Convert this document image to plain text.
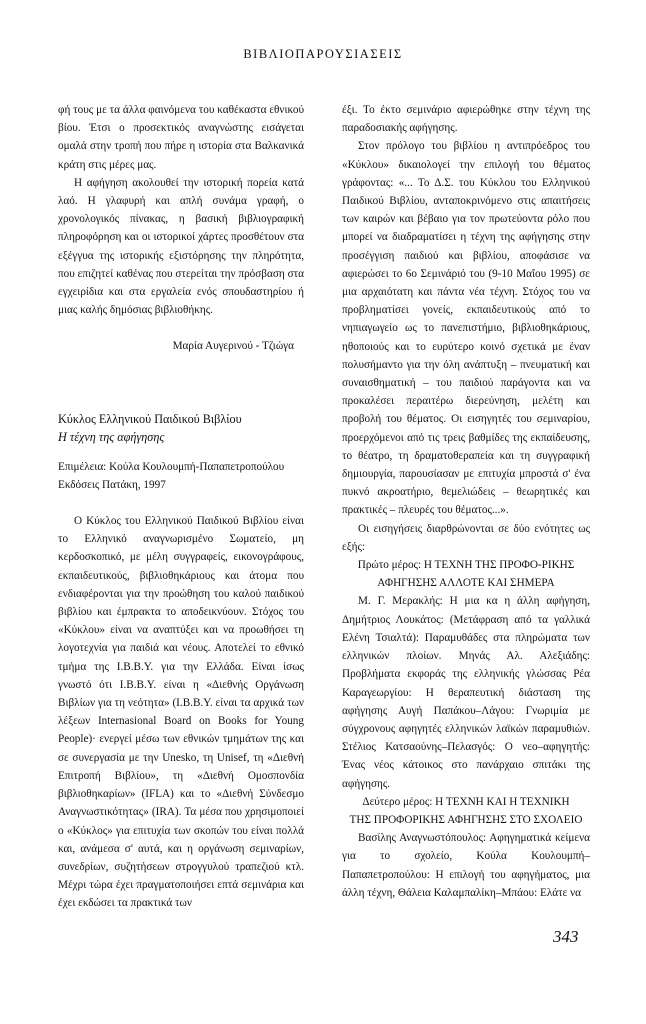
ΒΙΒΛΙΟΠΑΡΟΥΣΙΑΣΕΙΣ

φή τους με τα άλλα φαινόμενα του καθέκαστα εθνικού βίου. Έτσι ο προσεκτικός αναγνώστης εισάγεται ομαλά στην τροπή που πήρε η ιστορία στα Βαλκανικά κράτη στις μέρες μας.

Η αφήγηση ακολουθεί την ιστορική πορεία κατά λαό. Η γλαφυρή και απλή συνάμα γραφή, ο χρονολογικός πίνακας, η βασική βιβλιογραφική πληροφόρηση και οι ιστορικοί χάρτες προσθέτουν στα εξέγγυα της ιστορικής εξιστόρησης την πληρότητα, που επιζητεί καθένας που στερείται την πρόσβαση στα εγχειρίδια και στα εργαλεία ενός σπουδαστηρίου ή μιας καλής δημόσιας βιβλιοθήκης.

Μαρία Αυγερινού - Τζιώγα

Κύκλος Ελληνικού Παιδικού Βιβλίου
Η τέχνη της αφήγησης

Επιμέλεια: Κούλα Κουλουμπή-Παπαπετροπούλου
Εκδόσεις Πατάκη, 1997

Ο Κύκλος του Ελληνικού Παιδικού Βιβλίου είναι το Ελληνικό αναγνωρισμένο Σωματείο, μη κερδοσκοπικό, με μέλη συγγραφείς, εικονογράφους, εκπαιδευτικούς, βιβλιοθηκάριους και άτομα που ενδιαφέρονται για την προώθηση του καλού παιδικού βιβλίου και έμπρακτα το αποδεικνύουν. Στόχος του «Κύκλου» είναι να αναπτύξει και να προωθήσει τη λογοτεχνία για παιδιά και νέους. Αποτελεί το εθνικό τμήμα της I.B.B.Y. για την Ελλάδα. Είναι ίσως γνωστό ότι I.B.B.Y. είναι η «Διεθνής Οργάνωση Βιβλίων για τη νεότητα» (I.B.B.Y. είναι τα αρχικά των λέξεων Internasional Board on Books for Young People)· ενεργεί μέσω των εθνικών τμημάτων της και σε συνεργασία με την Unesko, τη Unisef, τη «Διεθνή Επιτροπή Βιβλίου», τη «Διεθνή Ομοσπονδία βιβλιοθηκαρίων» (IFLA) και το «Διεθνή Σύνδεσμο Αναγνωστικότητας» (IRA). Τα μέσα που χρησιμοποιεί ο «Κύκλος» για επιτυχία των σκοπών του είναι πολλά και, ανάμεσα σ' αυτά, και η οργάνωση σεμιναρίων, συνεδρίων, συζητήσεων στρογγυλού τραπεζιού κτλ. Μέχρι τώρα έχει πραγματοποιήσει επτά σεμινάρια και έχει εκδώσει τα πρακτικά των

έξι. Το έκτο σεμινάριο αφιερώθηκε στην τέχνη της παραδοσιακής αφήγησης.

Στον πρόλογο του βιβλίου η αντιπρόεδρος του «Κύκλου» δικαιολογεί την επιλογή του θέματος γράφοντας: «... Το Δ.Σ. του Κύκλου του Ελληνικού Παιδικού Βιβλίου, ανταποκρινόμενο στις απαιτήσεις των καιρών και βέβαιο για τον πρωτεύοντα ρόλο που μπορεί να διαδραματίσει η τέχνη της αφήγησης στην προσέγγιση παιδιού και βιβλίου, αποφάσισε να αφιερώσει το 6ο Σεμινάριό του (9-10 Μαΐου 1995) σε μια αρχαιότατη και πάντα νέα τέχνη. Στόχος του να προβληματίσει γονείς, εκπαιδευτικούς από το νηπιαγωγείο ως το πανεπιστήμιο, βιβλιοθηκάριους, ηθοποιούς και το ευρύτερο κοινό σχετικά με έναν πολυσήμαντο για την όλη ανάπτυξη – πνευματική και συναισθηματική – του παιδιού παράγοντα και να προκαλέσει περαιτέρω διερεύνηση, μελέτη και προβολή του θέματος. Οι εισηγητές του σεμιναρίου, προερχόμενοι από τις τρεις βαθμίδες της εκπαίδευσης, το θέατρο, τη δραματοθεραπεία και τη συγγραφική δημιουργία, παρουσίασαν με επιτυχία μπροστά σ' ένα πυκνό ακροατήριο, θεμελιώδεις – θεωρητικές και πρακτικές – πλευρές του θέματος...».

Οι εισηγήσεις διαρθρώνονται σε δύο ενότητες ως εξής:

Πρώτο μέρος: Η ΤΕΧΝΗ ΤΗΣ ΠΡΟΦΟ-ΡΙΚΗΣ
ΑΦΗΓΗΣΗΣ ΑΛΛΟΤΕ ΚΑΙ ΣΗΜΕΡΑ

Μ. Γ. Μερακλής: Η μια κα η άλλη αφήγηση, Δημήτριος Λουκάτος: (Μετάφραση από τα γαλλικά Ελένη Τσιαλτά): Παραμυθάδες στα πληρώματα των ελληνικών πλοίων. Μηνάς Αλ. Αλεξιάδης: Προβλήματα εκφοράς της ελληνικής γλώσσας Ρέα Καραγεωργίου: Η θεραπευτική διάσταση της αφήγησης Αυγή Παπάκου–Λάγου: Γνωριμία με σύγχρονους αφηγητές ελληνικών λαϊκών παραμυθιών. Στέλιος Κατσαούνης–Πελασγός: Ο νεο–αφηγητής: Ένας νέος κάτοικος στο πανάρχαιο σπιτάκι της αφήγησης.

Δεύτερο μέρος: Η ΤΕΧΝΗ ΚΑΙ Η ΤΕΧΝΙΚΗ
ΤΗΣ ΠΡΟΦΟΡΙΚΗΣ ΑΦΗΓΗΣΗΣ ΣΤΟ ΣΧΟΛΕΙΟ

Βασίλης Αναγνωστόπουλος: Αφηγηματικά κείμενα για το σχολείο, Κούλα Κουλουμπή–Παπαπετροπούλου: Η επιλογή του αφηγήματος, μια άλλη τέχνη, Θάλεια Καλαμπαλίκη–Μπάου: Ελάτε να

343
